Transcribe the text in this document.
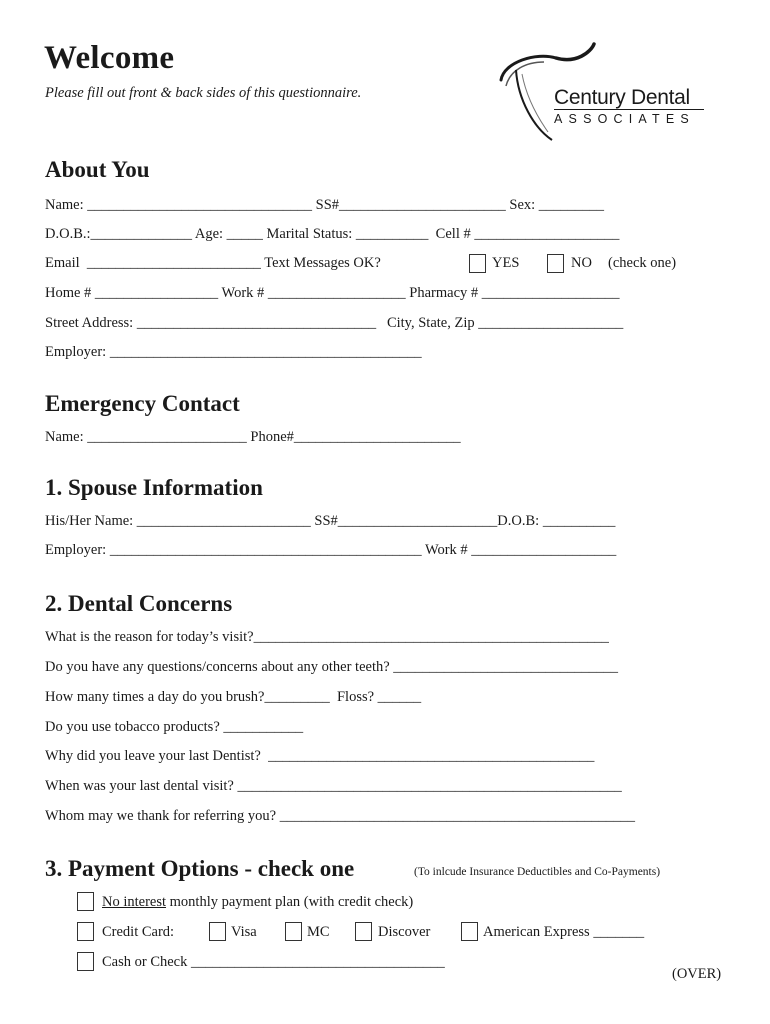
Welcome
Please fill out front & back sides of this questionnaire.	Century Dental
ASSOCIATES
About You
Name: _______________________________ SS#_______________________ Sex: _________
D.O.B.:______________ Age: _____ Marital Status: __________  Cell # ____________________
Email  ________________________ Text Messages OK?	YES	NO (check one)
Home # _________________ Work # ___________________ Pharmacy # ___________________
Street Address: _________________________________   City, State, Zip ____________________
Employer: ___________________________________________
Emergency Contact
Name: ______________________ Phone#_______________________
1. Spouse Information
His/Her Name: ________________________ SS#______________________D.O.B: __________
Employer: ___________________________________________ Work # ____________________
2. Dental Concerns
What is the reason for today’s visit?_________________________________________________
Do you have any questions/concerns about any other teeth? _______________________________
How many times a day do you brush?_________  Floss? ______
Do you use tobacco products? ___________
Why did you leave your last Dentist?  _____________________________________________
When was your last dental visit? _____________________________________________________
Whom may we thank for referring you? _________________________________________________
3. Payment Options - check one	(To inlcude Insurance Deductibles and Co-Payments)
No interest monthly payment plan (with credit check)
Credit Card:	Visa	MC	Discover	American Express _______
Cash or Check ___________________________________
(OVER)
